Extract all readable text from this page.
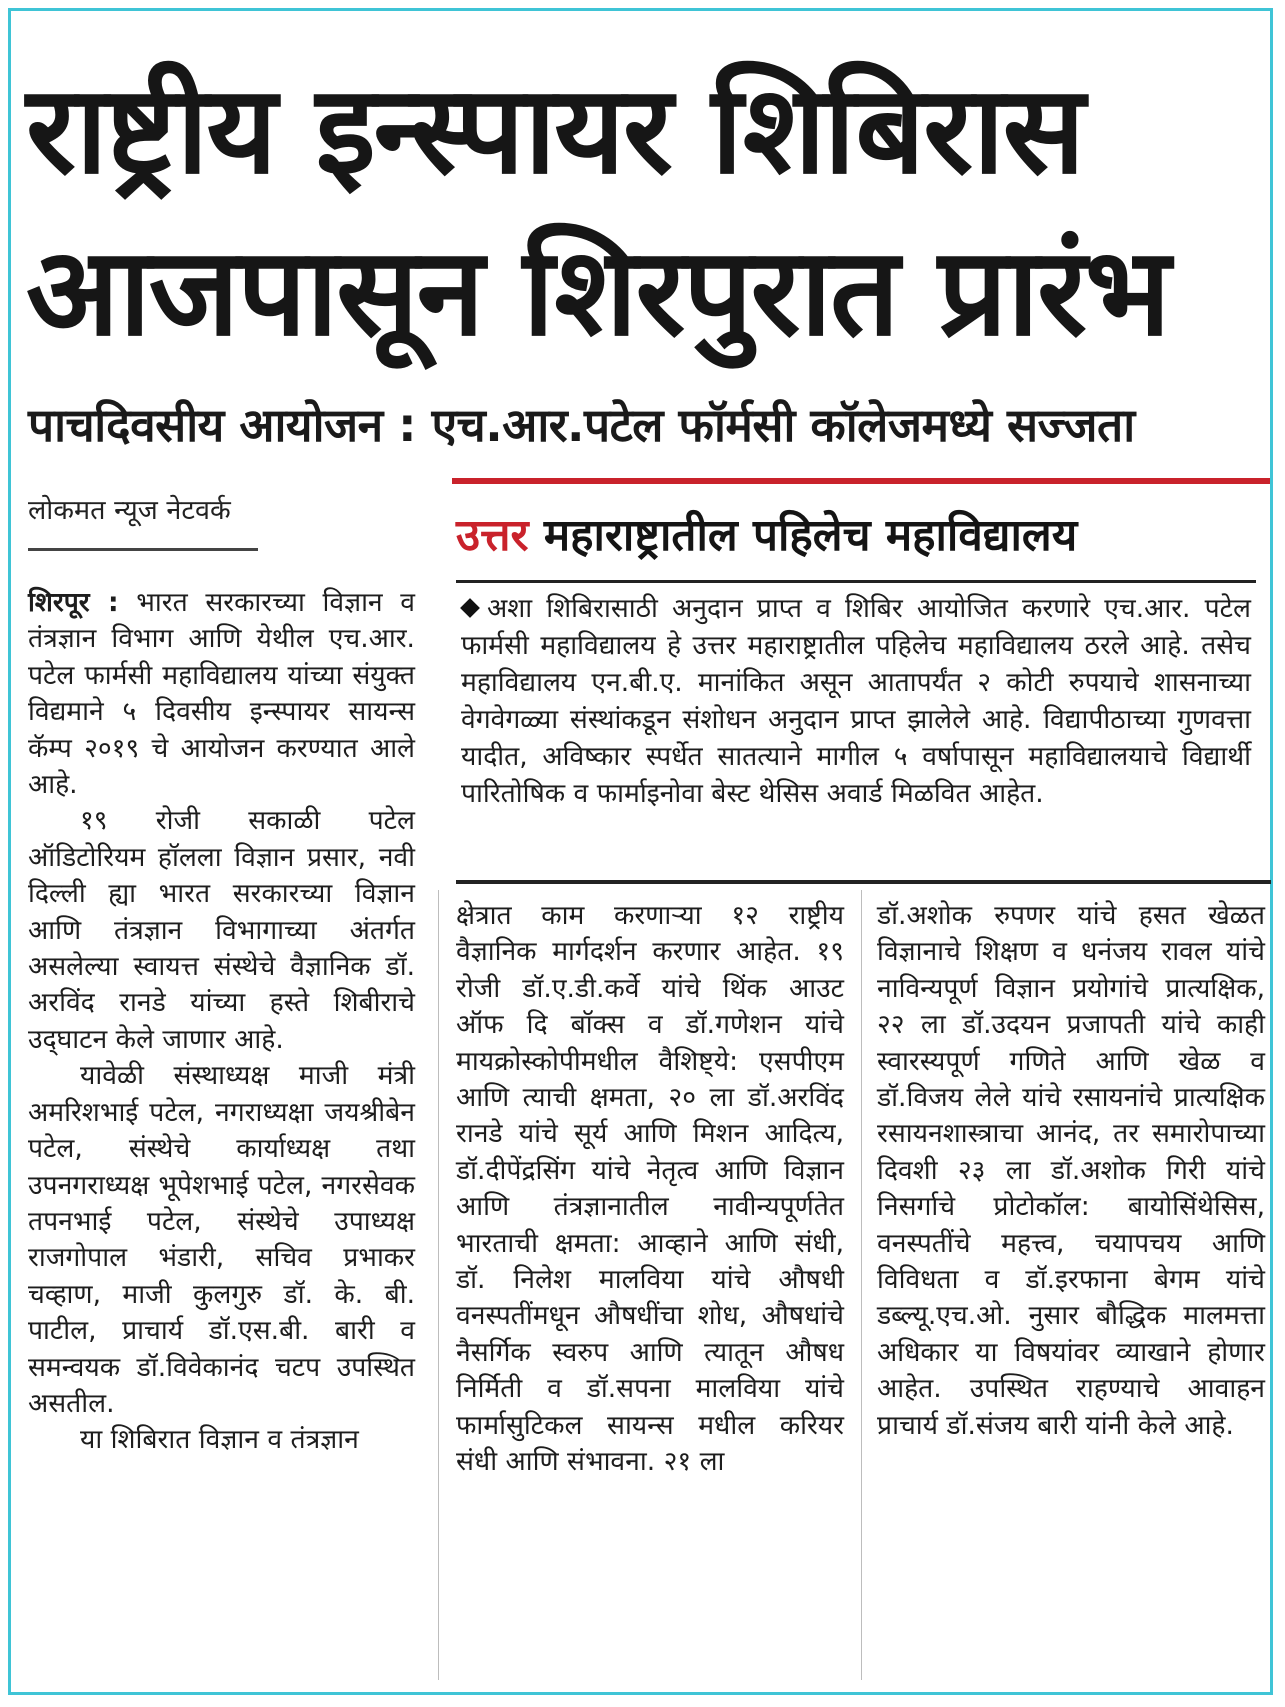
राष्ट्रीय इन्स्पायर शिबिरास
आजपासून शिरपुरात प्रारंभ
पाचदिवसीय आयोजन : एच.आर.पटेल फॉर्मसी कॉलेजमध्ये सज्जता
लोकमत न्यूज नेटवर्क	उत्तर महाराष्ट्रातील पहिलेच महाविद्यालय
अशा शिबिरासाठी अनुदान प्राप्त व शिबिर आयोजित करणारे एच.आर. पटेल फार्मसी महाविद्यालय हे उत्तर महाराष्ट्रातील पहिलेच महाविद्यालय ठरले आहे. तसेच महाविद्यालय एन.बी.ए. मानांकित असून आतापर्यंत २ कोटी रुपयाचे शासनाच्या वेगवेगळ्या संस्थांकडून संशोधन अनुदान प्राप्त झालेले आहे. विद्यापीठाच्या गुणवत्ता यादीत, अविष्कार स्पर्धेत सातत्याने मागील ५ वर्षापासून महाविद्यालयाचे विद्यार्थी पारितोषिक व फार्माइनोवा बेस्ट थेसिस अवार्ड मिळवित आहेत.

शिरपूर : भारत सरकारच्या विज्ञान व तंत्रज्ञान विभाग आणि येथील एच.आर. पटेल फार्मसी महाविद्यालय यांच्या संयुक्त विद्यमाने ५ दिवसीय इन्स्पायर सायन्स कॅम्प २०१९ चे आयोजन करण्यात आले आहे.

१९ रोजी सकाळी पटेल ऑडिटोरियम हॉलला विज्ञान प्रसार, नवी दिल्ली ह्या भारत सरकारच्या विज्ञान आणि तंत्रज्ञान विभागाच्या अंतर्गत असलेल्या स्वायत्त संस्थेचे वैज्ञानिक डॉ. अरविंद रानडे यांच्या हस्ते शिबीराचे उद्‌घाटन केले जाणार आहे.

यावेळी संस्थाध्यक्ष माजी मंत्री अमरिशभाई पटेल, नगराध्यक्षा जयश्रीबेन पटेल, संस्थेचे कार्याध्यक्ष तथा उपनगराध्यक्ष भूपेशभाई पटेल, नगरसेवक तपनभाई पटेल, संस्थेचे उपाध्यक्ष राजगोपाल भंडारी, सचिव प्रभाकर चव्हाण, माजी कुलगुरु डॉ. के. बी. पाटील, प्राचार्य डॉ.एस.बी. बारी व समन्वयक डॉ.विवेकानंद चटप उपस्थित असतील.

या शिबिरात विज्ञान व तंत्रज्ञान

क्षेत्रात काम करणाऱ्या १२ राष्ट्रीय वैज्ञानिक मार्गदर्शन करणार आहेत. १९ रोजी डॉ.ए.डी.कर्वे यांचे थिंक आउट ऑफ दि बॉक्स व डॉ.गणेशन यांचे मायक्रोस्कोपीमधील वैशिष्ट्ये: एसपीएम आणि त्याची क्षमता, २० ला डॉ.अरविंद रानडे यांचे सूर्य आणि मिशन आदित्य, डॉ.दीपेंद्रसिंग यांचे नेतृत्व आणि विज्ञान आणि तंत्रज्ञानातील नावीन्यपूर्णतेत भारताची क्षमता: आव्हाने आणि संधी, डॉ. निलेश मालविया यांचे औषधी वनस्पतींमधून औषधींचा शोध, औषधांचे नैसर्गिक स्वरुप आणि त्यातून औषध निर्मिती व डॉ.सपना मालविया यांचे फार्मासुटिकल सायन्स मधील करियर संधी आणि संभावना. २१ ला

डॉ.अशोक रुपणर यांचे हसत खेळत विज्ञानाचे शिक्षण व धनंजय रावल यांचे नाविन्यपूर्ण विज्ञान प्रयोगांचे प्रात्यक्षिक, २२ ला डॉ.उदयन प्रजापती यांचे काही स्वारस्यपूर्ण गणिते आणि खेळ व डॉ.विजय लेले यांचे रसायनांचे प्रात्यक्षिक रसायनशास्त्राचा आनंद, तर समारोपाच्या दिवशी २३ ला डॉ.अशोक गिरी यांचे निसर्गाचे प्रोटोकॉल: बायोसिंथेसिस, वनस्पतींचे महत्त्व, चयापचय आणि विविधता व डॉ.इरफाना बेगम यांचे डब्ल्यू.एच.ओ. नुसार बौद्धिक मालमत्ता अधिकार या विषयांवर व्याखाने होणार आहेत. उपस्थित राहण्याचे आवाहन प्राचार्य डॉ.संजय बारी यांनी केले आहे.
